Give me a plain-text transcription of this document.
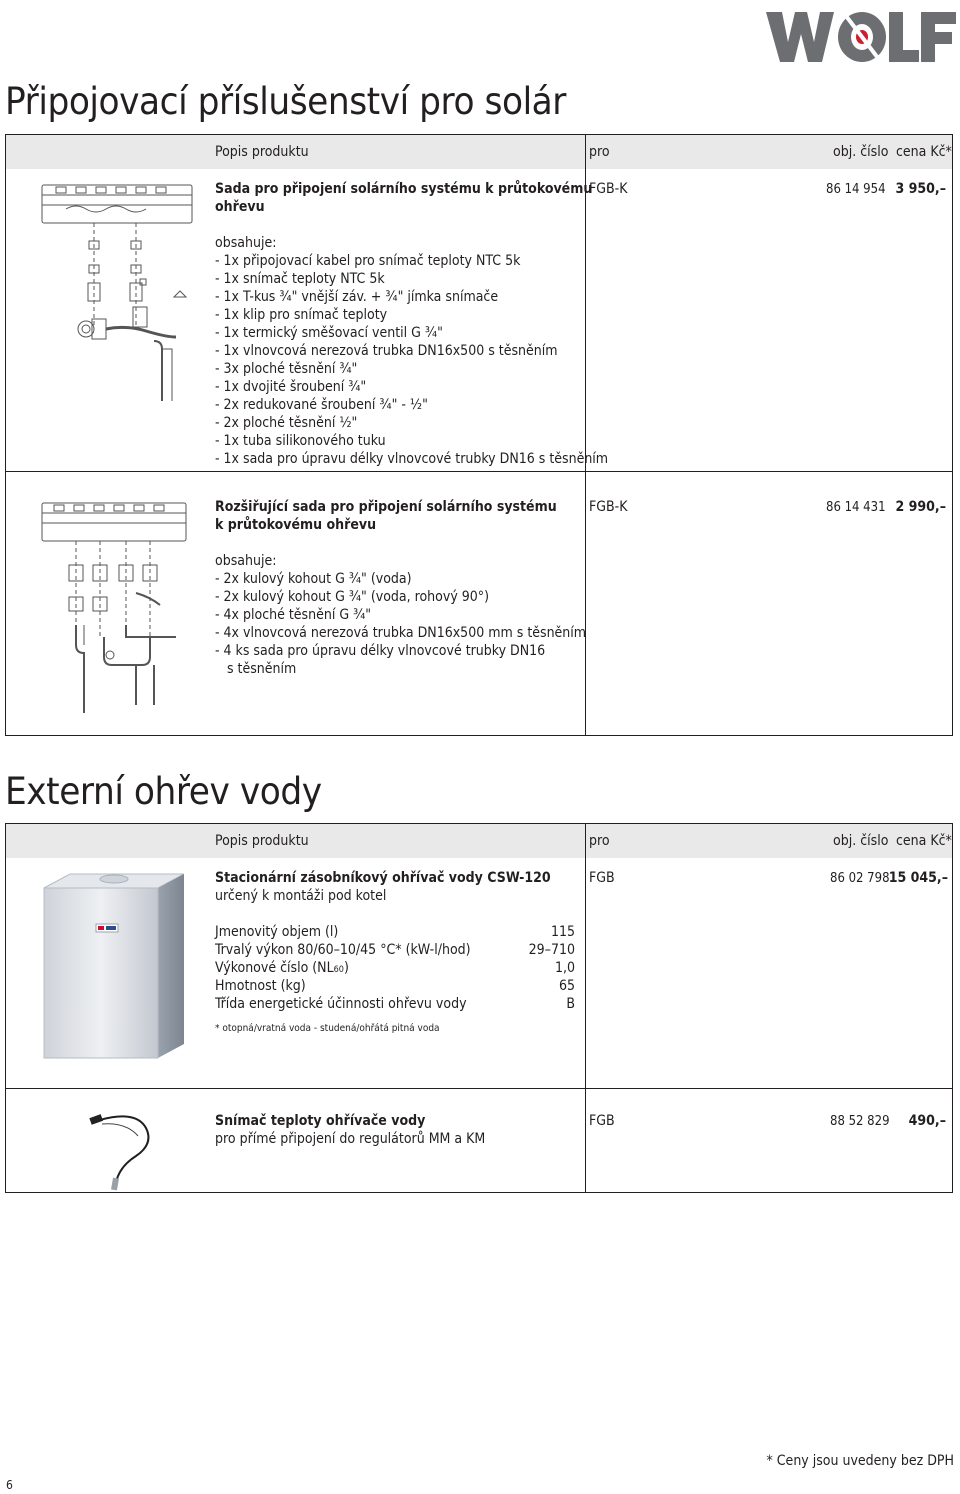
Připojovací příslušenství pro solár
Popis produktu	pro	obj. číslo cena Kč*
Sada pro připojení solárního systému k průtokovému
ohřevu
FGB-K	86 14 954 3 950,–
obsahuje:
- 1x připojovací kabel pro snímač teploty NTC 5k
- 1x snímač teploty NTC 5k
- 1x T-kus ¾" vnější záv. + ¾" jímka snímače
- 1x klip pro snímač teploty
- 1x termický směšovací ventil G ¾"
- 1x vlnovcová nerezová trubka DN16x500 s těsněním
- 3x ploché těsnění ¾"
- 1x dvojité šroubení ¾"
- 2x redukované šroubení ¾" - ½"
- 2x ploché těsnění ½"
- 1x tuba silikonového tuku
- 1x sada pro úpravu délky vlnovcové trubky DN16 s těsněním
Rozšiřující sada pro připojení solárního systému
k průtokovému ohřevu
FGB-K	86 14 431 2 990,–
obsahuje:
- 2x kulový kohout G ¾" (voda)
- 2x kulový kohout G ¾" (voda, rohový 90°)
- 4x ploché těsnění G ¾"
- 4x vlnovcová nerezová trubka DN16x500 mm s těsněním
- 4 ks sada pro úpravu délky vlnovcové trubky DN16
s těsněním
Externí ohřev vody
Popis produktu	pro	obj. číslo cena Kč*
Stacionární zásobníkový ohřívač vody CSW-120
určený k montáži pod kotel
FGB	86 02 798 15 045,–
Jmenovitý objem (l)	115
Trvalý výkon 80/60–10/45 °C* (kW-l/hod)	29–710
Výkonové číslo (NL60)	1,0
Hmotnost (kg)	65
Třída energetické účinnosti ohřevu vody	B
* otopná/vratná voda - studená/ohřátá pitná voda
Snímač teploty ohřívače vody
pro přímé připojení do regulátorů MM a KM
FGB	88 52 829 490,–
6
* Ceny jsou uvedeny bez DPH
